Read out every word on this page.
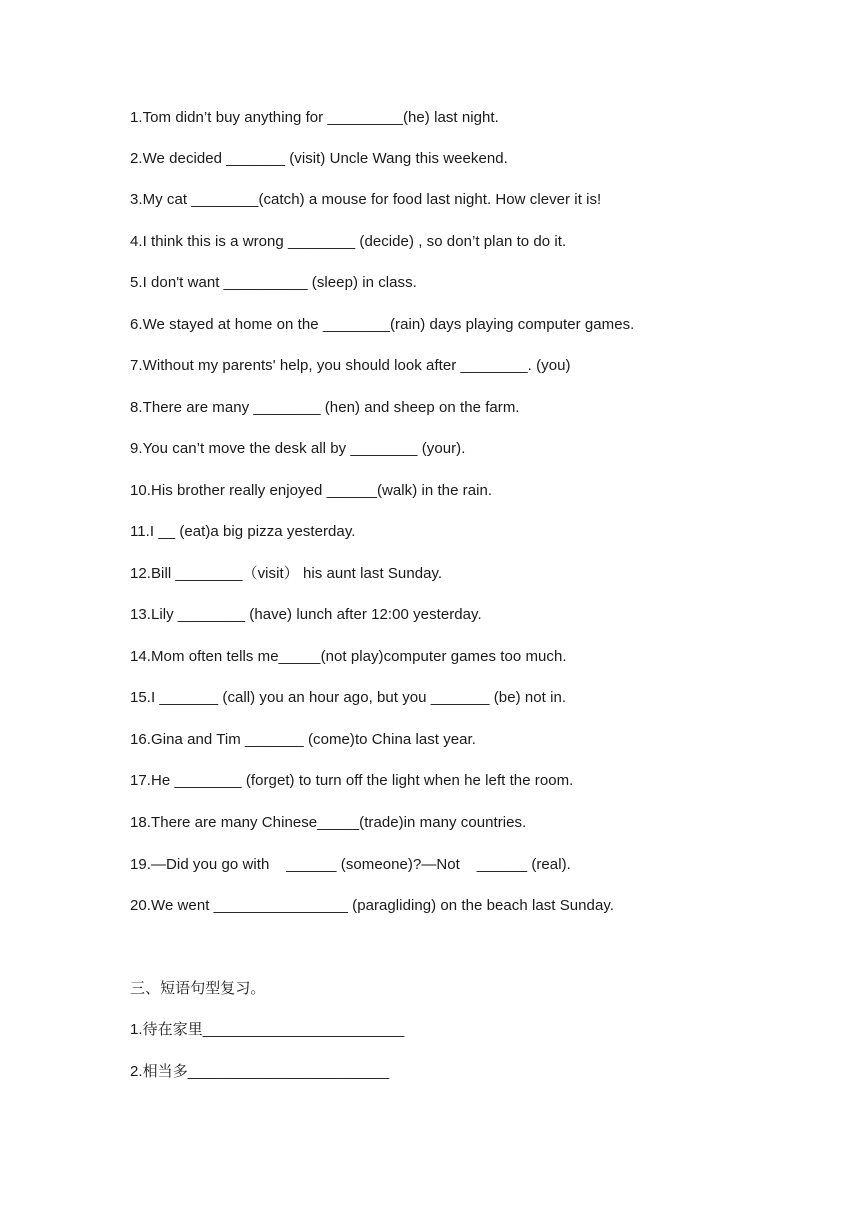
1.Tom didn’t buy anything for _________(he) last night.
2.We decided _______ (visit) Uncle Wang this weekend.
3.My cat ________(catch) a mouse for food last night. How clever it is!
4.I think this is a wrong ________ (decide) , so don’t plan to do it.
5.I don't want __________ (sleep) in class.
6.We stayed at home on the ________(rain) days playing computer games.
7.Without my parents' help, you should look after ________. (you)
8.There are many ________ (hen) and sheep on the farm.
9.You can’t move the desk all by ________ (your).
10.His brother really enjoyed ______(walk) in the rain.
11.I __ (eat)a big pizza yesterday.
12.Bill ________（visit） his aunt last Sunday.
13.Lily ________ (have) lunch after 12:00 yesterday.
14.Mom often tells me_____(not play)computer games too much.
15.I _______ (call) you an hour ago, but you _______ (be) not in.
16.Gina and Tim _______ (come)to China last year.
17.He ________ (forget) to turn off the light when he left the room.
18.There are many Chinese_____(trade)in many countries.
19.—Did you go with    ______ (someone)?—Not    ______ (real).
20.We went ________________ (paragliding) on the beach last Sunday.
三、短语句型复习。
1.待在家里________________________
2.相当多________________________
